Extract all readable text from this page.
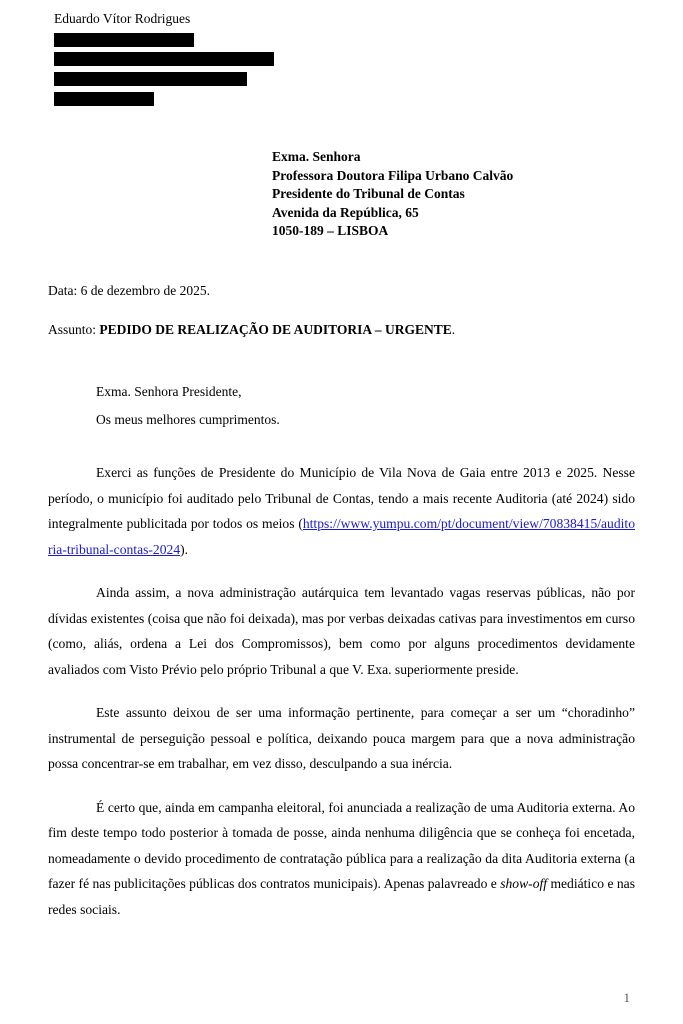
Eduardo Vítor Rodrigues
Exma. Senhora
Professora Doutora Filipa Urbano Calvão
Presidente do Tribunal de Contas
Avenida da República, 65
1050-189 – LISBOA
Data: 6 de dezembro de 2025.
Assunto: PEDIDO DE REALIZAÇÃO DE AUDITORIA – URGENTE.

Exma. Senhora Presidente,

Os meus melhores cumprimentos.

Exerci as funções de Presidente do Município de Vila Nova de Gaia entre 2013 e 2025. Nesse período, o município foi auditado pelo Tribunal de Contas, tendo a mais recente Auditoria (até 2024) sido integralmente publicitada por todos os meios (https://www.yumpu.com/pt/document/view/70838415/auditoria-tribunal-contas-2024).

Ainda assim, a nova administração autárquica tem levantado vagas reservas públicas, não por dívidas existentes (coisa que não foi deixada), mas por verbas deixadas cativas para investimentos em curso (como, aliás, ordena a Lei dos Compromissos), bem como por alguns procedimentos devidamente avaliados com Visto Prévio pelo próprio Tribunal a que V. Exa. superiormente preside.

Este assunto deixou de ser uma informação pertinente, para começar a ser um “choradinho” instrumental de perseguição pessoal e política, deixando pouca margem para que a nova administração possa concentrar-se em trabalhar, em vez disso, desculpando a sua inércia.

É certo que, ainda em campanha eleitoral, foi anunciada a realização de uma Auditoria externa. Ao fim deste tempo todo posterior à tomada de posse, ainda nenhuma diligência que se conheça foi encetada, nomeadamente o devido procedimento de contratação pública para a realização da dita Auditoria externa (a fazer fé nas publicitações públicas dos contratos municipais). Apenas palavreado e show-off mediático e nas redes sociais.

1
